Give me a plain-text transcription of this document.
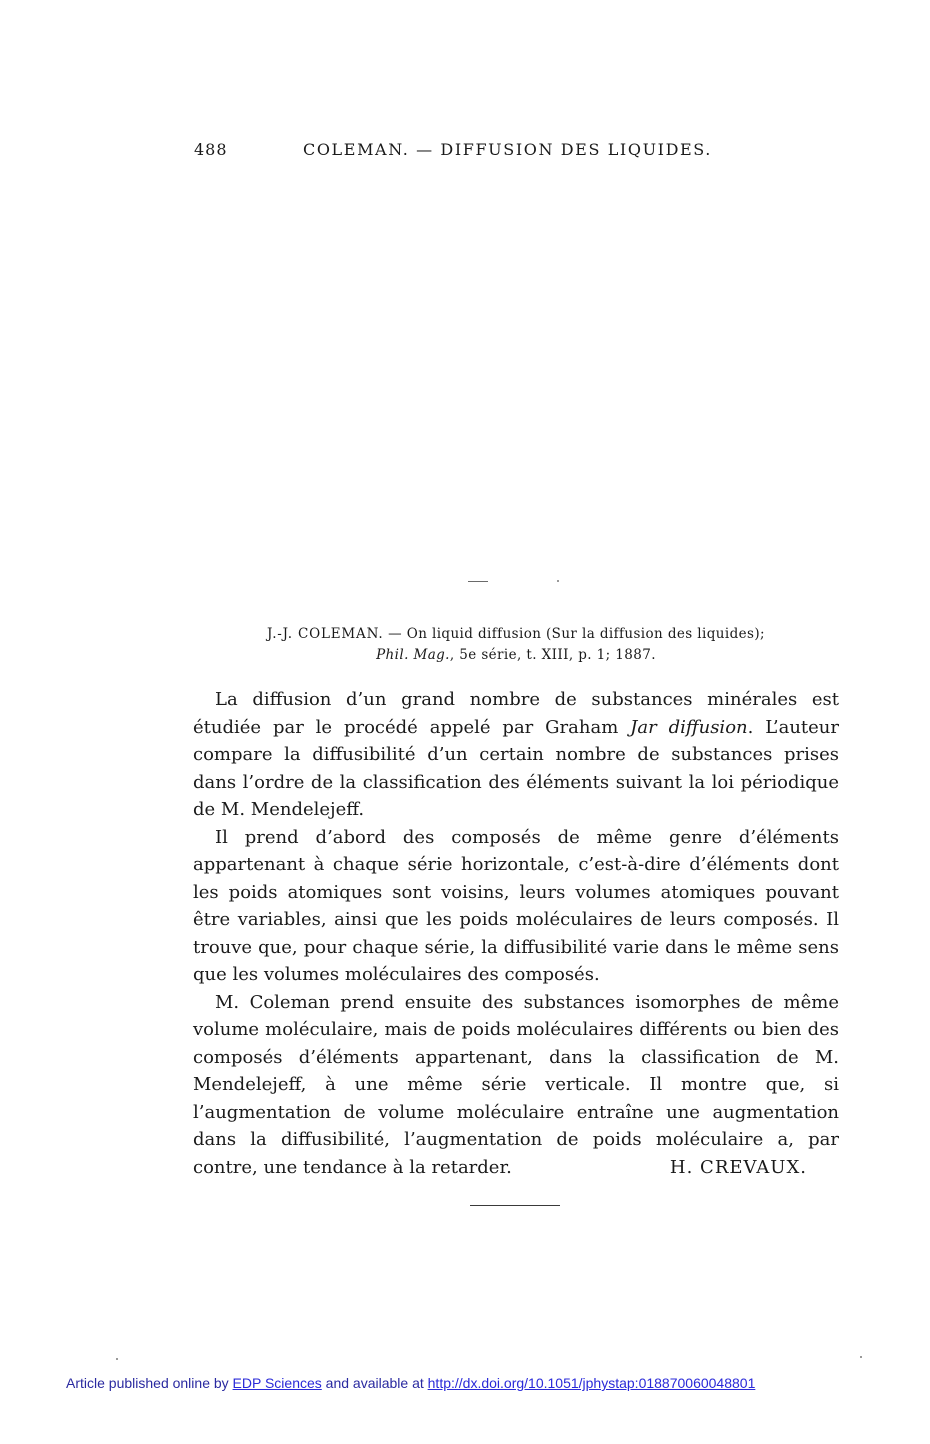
488	COLEMAN. — DIFFUSION DES LIQUIDES.
J.-J. COLEMAN. — On liquid diffusion (Sur la diffusion des liquides);
Phil. Mag., 5e série, t. XIII, p. 1; 1887.

La diffusion d’un grand nombre de substances minérales est étudiée par le procédé appelé par Graham Jar diffusion. L’auteur compare la diffusibilité d’un certain nombre de substances prises dans l’ordre de la classification des éléments suivant la loi périodique de M. Mendelejeff.

Il prend d’abord des composés de même genre d’éléments appartenant à chaque série horizontale, c’est-à-dire d’éléments dont les poids atomiques sont voisins, leurs volumes atomiques pouvant être variables, ainsi que les poids moléculaires de leurs composés. Il trouve que, pour chaque série, la diffusibilité varie dans le même sens que les volumes moléculaires des composés.

M. Coleman prend ensuite des substances isomorphes de même volume moléculaire, mais de poids moléculaires différents ou bien des composés d’éléments appartenant, dans la classification de M. Mendelejeff, à une même série verticale. Il montre que, si l’augmentation de volume moléculaire entraîne une augmentation dans la diffusibilité, l’augmentation de poids moléculaire a, par contre, une tendance à la retarder.	H. CREVAUX.

Article published online by EDP Sciences and available at http://dx.doi.org/10.1051/jphystap:018870060048801
